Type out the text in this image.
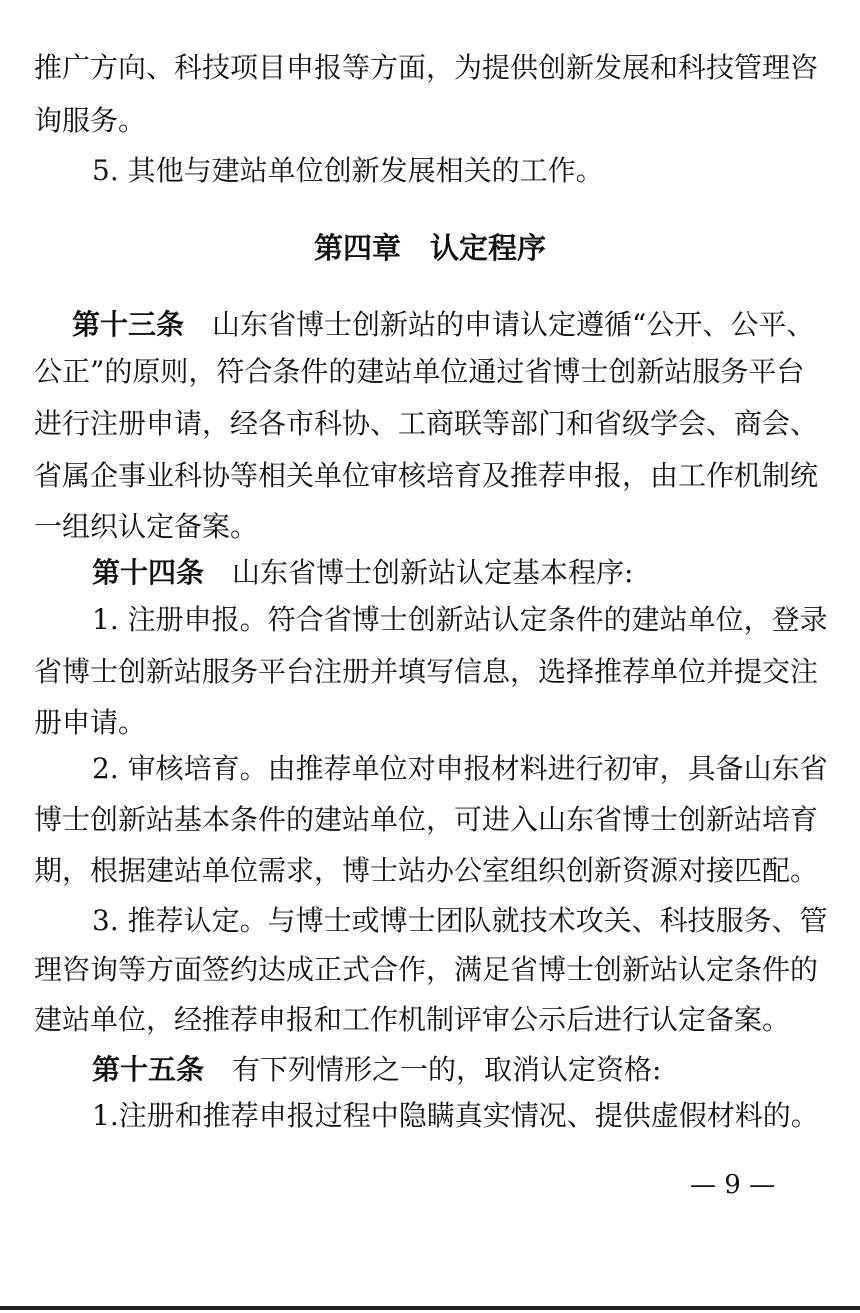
推广方向、科技项目申报等方面，为提供创新发展和科技管理咨
询服务。
5. 其他与建站单位创新发展相关的工作。
第四章　认定程序
第十三条 山东省博士创新站的申请认定遵循“公开、公平、
公正”的原则，符合条件的建站单位通过省博士创新站服务平台
进行注册申请，经各市科协、工商联等部门和省级学会、商会、
省属企事业科协等相关单位审核培育及推荐申报，由工作机制统
一组织认定备案。
第十四条 山东省博士创新站认定基本程序:
1. 注册申报。符合省博士创新站认定条件的建站单位，登录
省博士创新站服务平台注册并填写信息，选择推荐单位并提交注
册申请。
2. 审核培育。由推荐单位对申报材料进行初审，具备山东省
博士创新站基本条件的建站单位，可进入山东省博士创新站培育
期，根据建站单位需求，博士站办公室组织创新资源对接匹配。
3. 推荐认定。与博士或博士团队就技术攻关、科技服务、管
理咨询等方面签约达成正式合作，满足省博士创新站认定条件的
建站单位，经推荐申报和工作机制评审公示后进行认定备案。
第十五条 有下列情形之一的，取消认定资格:
1.注册和推荐申报过程中隐瞒真实情况、提供虚假材料的。
— 9 —
